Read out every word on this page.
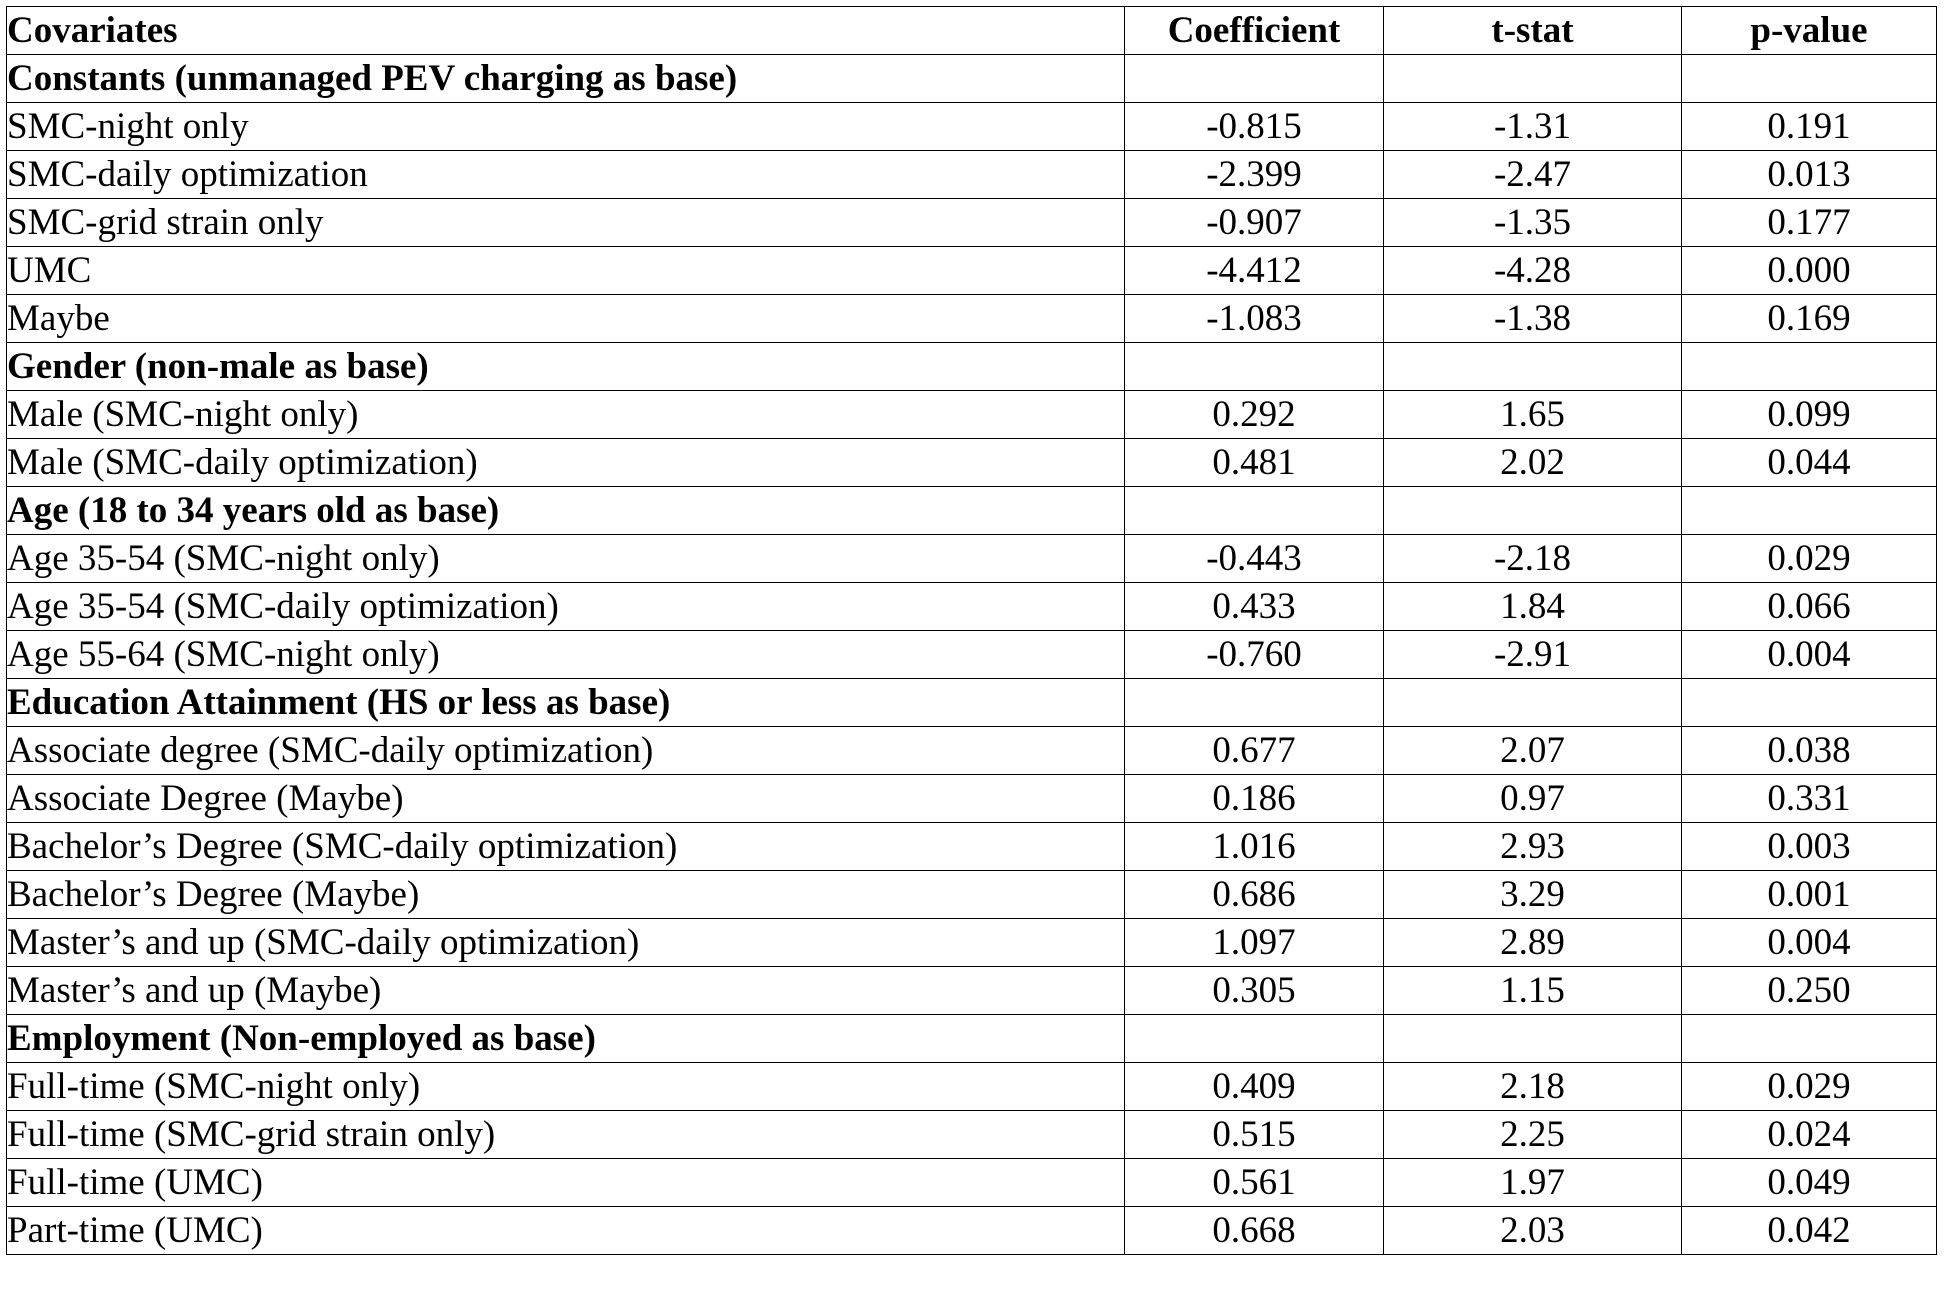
Covariates	Coefficient	t-stat	p-value
Constants (unmanaged PEV charging as base)			
SMC-night only	-0.815	-1.31	0.191
SMC-daily optimization	-2.399	-2.47	0.013
SMC-grid strain only	-0.907	-1.35	0.177
UMC	-4.412	-4.28	0.000
Maybe	-1.083	-1.38	0.169
Gender (non-male as base)			
Male (SMC-night only)	0.292	1.65	0.099
Male (SMC-daily optimization)	0.481	2.02	0.044
Age (18 to 34 years old as base)			
Age 35-54 (SMC-night only)	-0.443	-2.18	0.029
Age 35-54 (SMC-daily optimization)	0.433	1.84	0.066
Age 55-64 (SMC-night only)	-0.760	-2.91	0.004
Education Attainment (HS or less as base)			
Associate degree (SMC-daily optimization)	0.677	2.07	0.038
Associate Degree (Maybe)	0.186	0.97	0.331
Bachelor’s Degree (SMC-daily optimization)	1.016	2.93	0.003
Bachelor’s Degree (Maybe)	0.686	3.29	0.001
Master’s and up (SMC-daily optimization)	1.097	2.89	0.004
Master’s and up (Maybe)	0.305	1.15	0.250
Employment (Non-employed as base)			
Full-time (SMC-night only)	0.409	2.18	0.029
Full-time (SMC-grid strain only)	0.515	2.25	0.024
Full-time (UMC)	0.561	1.97	0.049
Part-time (UMC)	0.668	2.03	0.042
